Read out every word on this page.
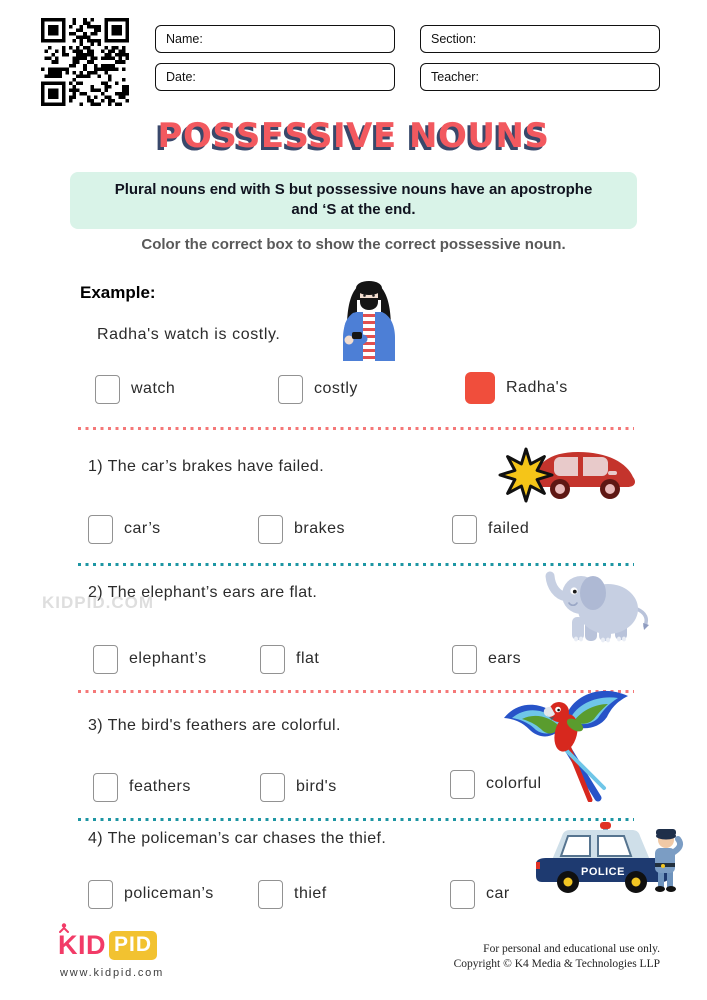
Name:	Section:
Date:	Teacher:
POSSESSIVE NOUNS
Plural nouns end with S but possessive nouns have an apostrophe and ‘S at the end.
Color the correct box to show the correct possessive noun.
Example:
Radha's watch is costly.
watch	costly	Radha's
1) The car’s brakes have failed.
car’s	brakes	failed
2) The elephant’s ears are flat.
KIDPID.COM
elephant’s	flat	ears
3) The bird's feathers are colorful.
feathers	bird's	colorful
4) The policeman’s car chases the thief.
POLICE
policeman’s	thief	car
KID PID
www.kidpid.com
For personal and educational use only.
Copyright © K4 Media & Technologies LLP
